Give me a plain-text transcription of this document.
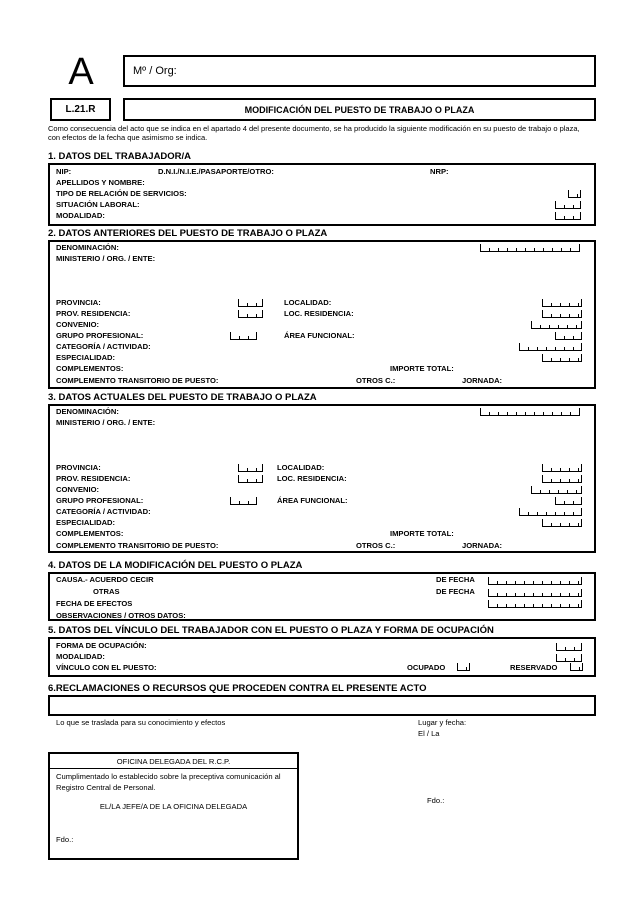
A	Mº / Org:
L.21.R	MODIFICACIÓN DEL PUESTO DE TRABAJO O PLAZA
Como consecuencia del acto que se indica en el apartado 4 del presente documento, se ha producido la siguiente modificación en su puesto de trabajo o plaza, con efectos de la fecha que asimismo se indica.
1. DATOS DEL TRABAJADOR/A
NIP:	D.N.I./N.I.E./PASAPORTE/OTRO:	NRP:
APELLIDOS Y NOMBRE:
TIPO DE RELACIÓN DE SERVICIOS:
SITUACIÓN LABORAL:
MODALIDAD:
2. DATOS ANTERIORES DEL PUESTO DE TRABAJO O PLAZA
DENOMINACIÓN:
MINISTERIO / ORG. / ENTE:
PROVINCIA:	LOCALIDAD:
PROV. RESIDENCIA:	LOC. RESIDENCIA:
CONVENIO:
GRUPO PROFESIONAL:	ÁREA FUNCIONAL:
CATEGORÍA / ACTIVIDAD:
ESPECIALIDAD:
COMPLEMENTOS:	IMPORTE TOTAL:
COMPLEMENTO TRANSITORIO DE PUESTO:	OTROS C.:	JORNADA:
3. DATOS ACTUALES DEL PUESTO DE TRABAJO O PLAZA
DENOMINACIÓN:
MINISTERIO / ORG. / ENTE:
PROVINCIA:	LOCALIDAD:
PROV. RESIDENCIA:	LOC. RESIDENCIA:
CONVENIO:
GRUPO PROFESIONAL:	ÁREA FUNCIONAL:
CATEGORÍA / ACTIVIDAD:
ESPECIALIDAD:
COMPLEMENTOS:	IMPORTE TOTAL:
COMPLEMENTO TRANSITORIO DE PUESTO:	OTROS C.:	JORNADA:
4. DATOS DE LA MODIFICACIÓN DEL PUESTO O PLAZA
CAUSA.- ACUERDO CECIR	DE FECHA
OTRAS	DE FECHA
FECHA DE EFECTOS
OBSERVACIONES / OTROS DATOS:
5. DATOS DEL VÍNCULO DEL TRABAJADOR CON EL PUESTO O PLAZA Y FORMA DE OCUPACIÓN
FORMA DE OCUPACIÓN:
MODALIDAD:
VÍNCULO CON EL PUESTO:	OCUPADO	RESERVADO
6.RECLAMACIONES O RECURSOS QUE PROCEDEN CONTRA EL PRESENTE ACTO
Lo que se traslada para su conocimiento y efectos	Lugar y fecha:
El / La
OFICINA DELEGADA DEL R.C.P.
Cumplimentado lo establecido sobre la preceptiva comunicación al Registro Central de Personal.
EL/LA JEFE/A DE LA OFICINA DELEGADA
Fdo.:
Fdo.:
